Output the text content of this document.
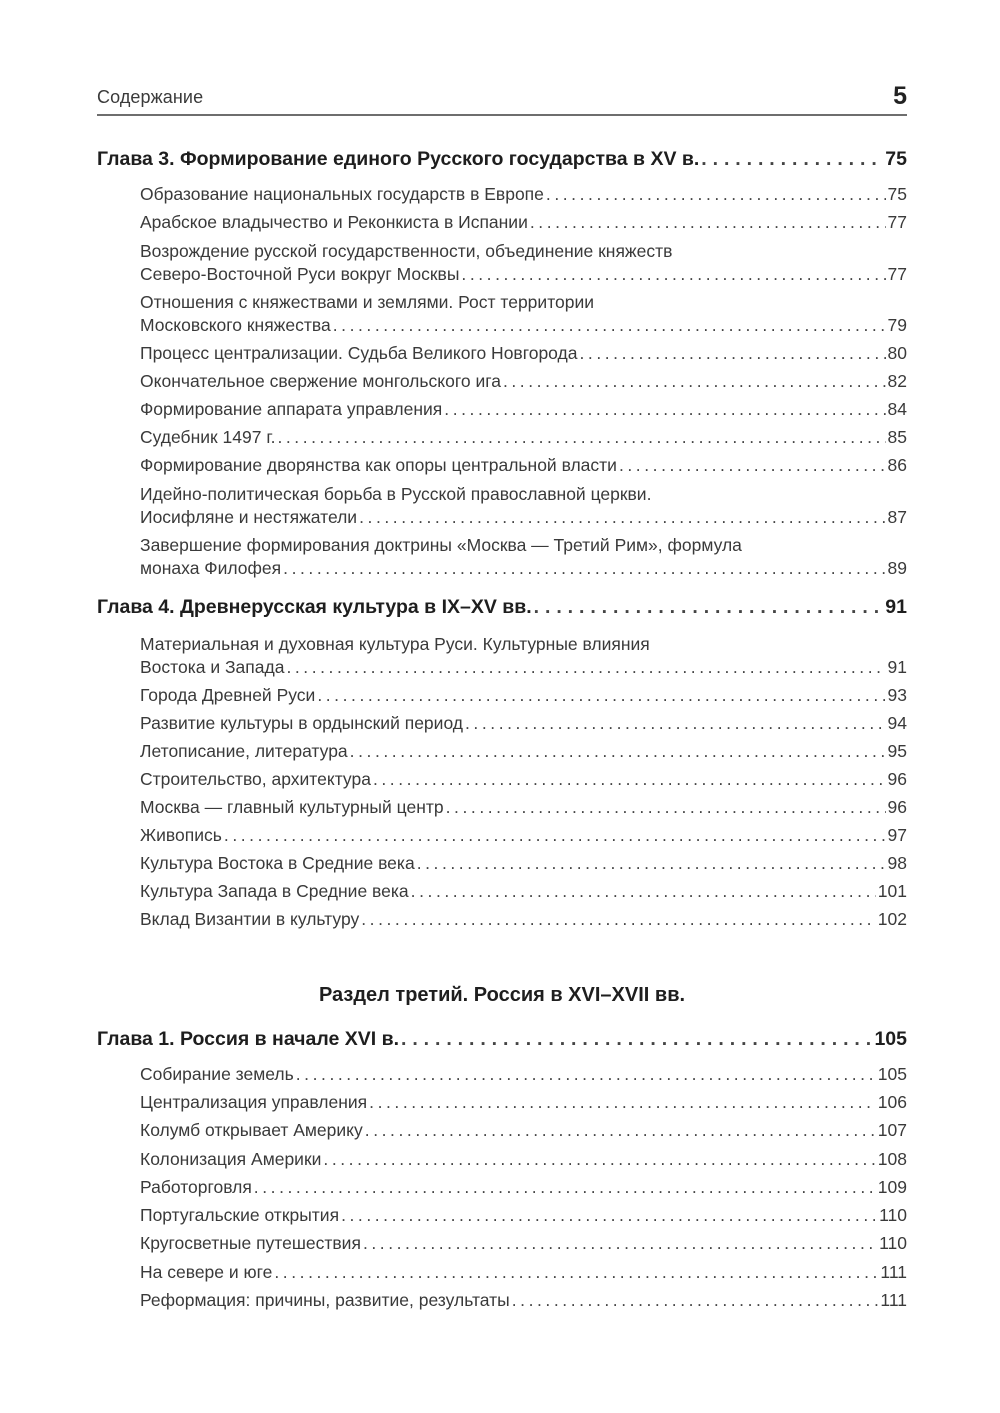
Содержание	5
Глава 3. Формирование единого Русского государства в XV в. . . .	75
Образование национальных государств в Европе . . .	75
Арабское владычество и Реконкиста в Испании . . .	77
Возрождение русской государственности, объединение княжеств
Северо-Восточной Руси вокруг Москвы . . .	77
Отношения с княжествами и землями. Рост территории
Московского княжества . . .	79
Процесс централизации. Судьба Великого Новгорода . . .	80
Окончательное свержение монгольского ига . . .	82
Формирование аппарата управления . . .	84
Судебник 1497 г. . . .	85
Формирование дворянства как опоры центральной власти . . .	86
Идейно-политическая борьба в Русской православной церкви.
Иосифляне и нестяжатели . . .	87
Завершение формирования доктрины «Москва — Третий Рим», формула
монаха Филофея . . .	89
Глава 4. Древнерусская культура в IX–XV вв. . . .	91
Материальная и духовная культура Руси. Культурные влияния
Востока и Запада . . .	91
Города Древней Руси . . .	93
Развитие культуры в ордынский период . . .	94
Летописание, литература . . .	95
Строительство, архитектура . . .	96
Москва — главный культурный центр . . .	96
Живопись . . .	97
Культура Востока в Средние века . . .	98
Культура Запада в Средние века . . .	101
Вклад Византии в культуру . . .	102
Раздел третий. Россия в XVI–XVII вв.
Глава 1. Россия в начале XVI в. . . .	105
Собирание земель . . .	105
Централизация управления . . .	106
Колумб открывает Америку . . .	107
Колонизация Америки . . .	108
Работорговля . . .	109
Португальские открытия . . .	110
Кругосветные путешествия . . .	110
На севере и юге . . .	111
Реформация: причины, развитие, результаты . . .	111
